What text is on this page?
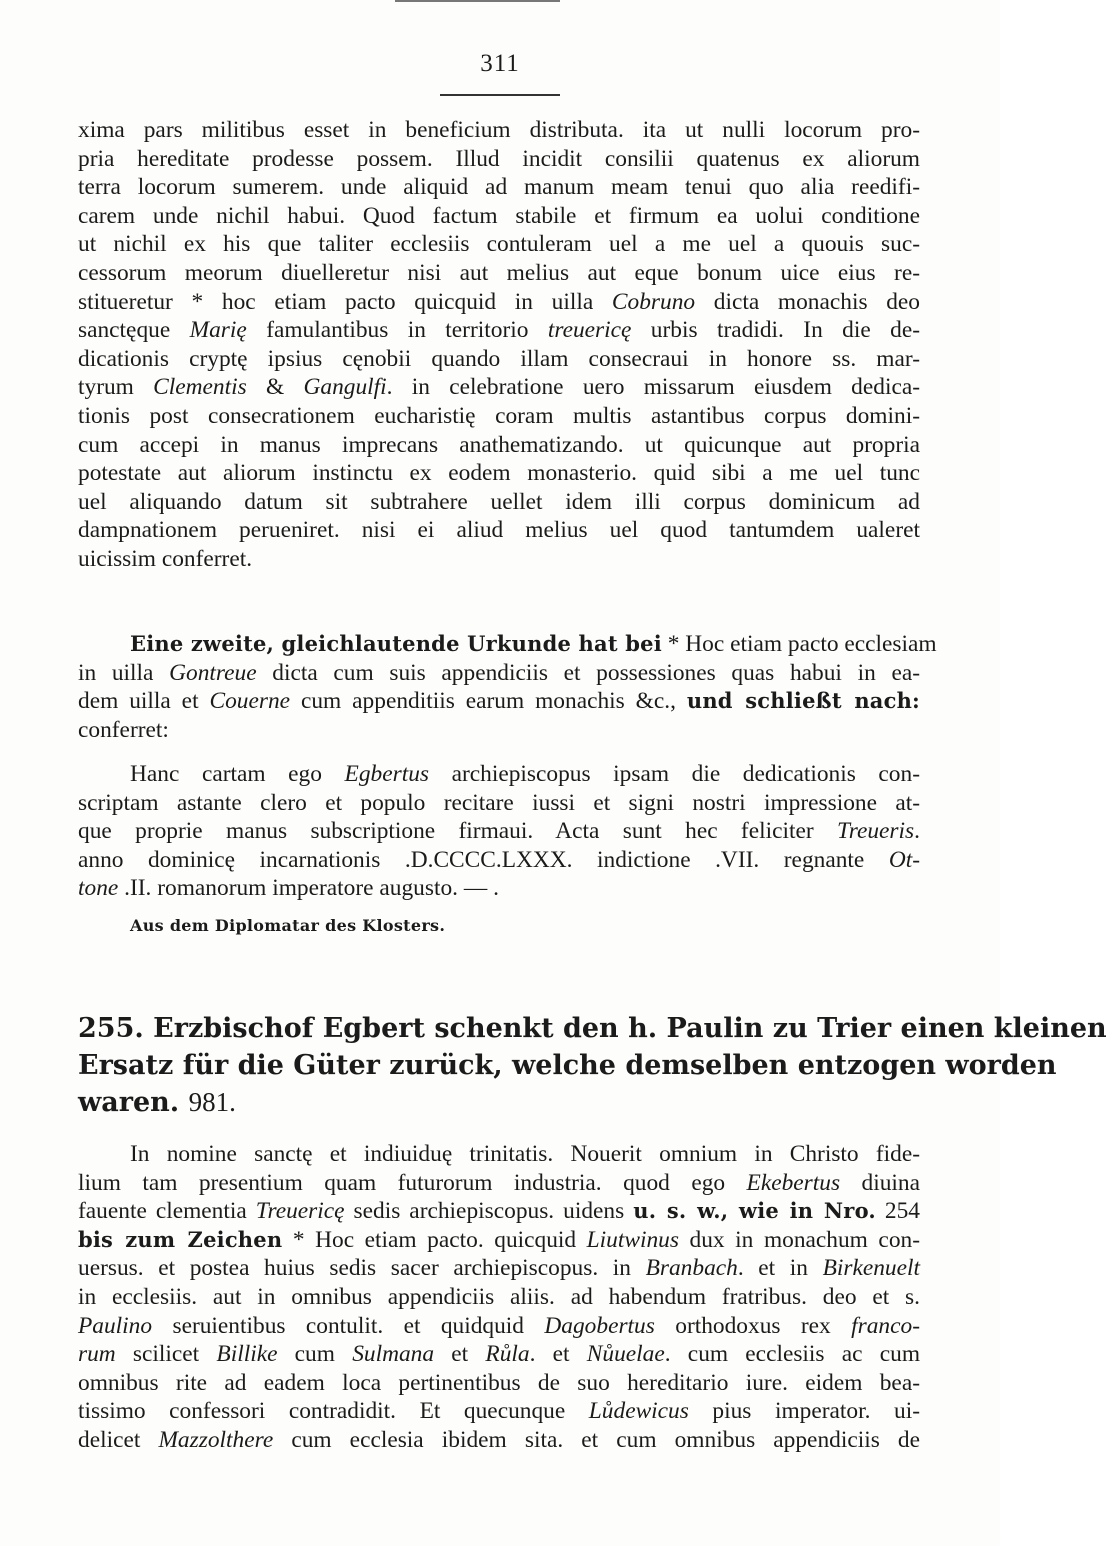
311
xima pars militibus esset in beneficium distributa. ita ut nulli locorum pro-
pria hereditate prodesse possem. Illud incidit consilii quatenus ex aliorum
terra locorum sumerem. unde aliquid ad manum meam tenui quo alia reedifi-
carem unde nichil habui. Quod factum stabile et firmum ea uolui conditione
ut nichil ex his que taliter ecclesiis contuleram uel a me uel a quouis suc-
cessorum meorum diuelleretur nisi aut melius aut eque bonum uice eius re-
stitueretur * hoc etiam pacto quicquid in uilla Cobruno dicta monachis deo
sanctęque Marię famulantibus in territorio treuericę urbis tradidi. In die de-
dicationis cryptę ipsius cęnobii quando illam consecraui in honore ss. mar-
tyrum Clementis & Gangulfi. in celebratione uero missarum eiusdem dedica-
tionis post consecrationem eucharistię coram multis astantibus corpus domini-
cum accepi in manus imprecans anathematizando. ut quicunque aut propria
potestate aut aliorum instinctu ex eodem monasterio. quid sibi a me uel tunc
uel aliquando datum sit subtrahere uellet idem illi corpus dominicum ad
dampnationem perueniret. nisi ei aliud melius uel quod tantumdem ualeret
uicissim conferret.
Eine zweite, gleichlautende Urkunde hat bei * Hoc etiam pacto ecclesiam
in uilla Gontreue dicta cum suis appendiciis et possessiones quas habui in ea-
dem uilla et Couerne cum appenditiis earum monachis &c., und schließt nach:
conferret:
Hanc cartam ego Egbertus archiepiscopus ipsam die dedicationis con-
scriptam astante clero et populo recitare iussi et signi nostri impressione at-
que proprie manus subscriptione firmaui. Acta sunt hec feliciter Treueris.
anno dominicę incarnationis .D.CCCC.LXXX. indictione .VII. regnante Ot-
tone .II. romanorum imperatore augusto. — .
Aus dem Diplomatar des Klosters.
255. Erzbischof Egbert schenkt den h. Paulin zu Trier einen kleinen
Ersatz für die Güter zurück, welche demselben entzogen worden
waren. 981.
In nomine sanctę et indiuiduę trinitatis. Nouerit omnium in Christo fide-
lium tam presentium quam futurorum industria. quod ego Ekebertus diuina
fauente clementia Treuericę sedis archiepiscopus. uidens u. s. w., wie in Nro. 254
bis zum Zeichen * Hoc etiam pacto. quicquid Liutwinus dux in monachum con-
uersus. et postea huius sedis sacer archiepiscopus. in Branbach. et in Birkenuelt
in ecclesiis. aut in omnibus appendiciis aliis. ad habendum fratribus. deo et s.
Paulino seruientibus contulit. et quidquid Dagobertus orthodoxus rex franco-
rum scilicet Billike cum Sulmana et Růla. et Nůuelae. cum ecclesiis ac cum
omnibus rite ad eadem loca pertinentibus de suo hereditario iure. eidem bea-
tissimo confessori contradidit. Et quecunque Lůdewicus pius imperator. ui-
delicet Mazzolthere cum ecclesia ibidem sita. et cum omnibus appendiciis de
